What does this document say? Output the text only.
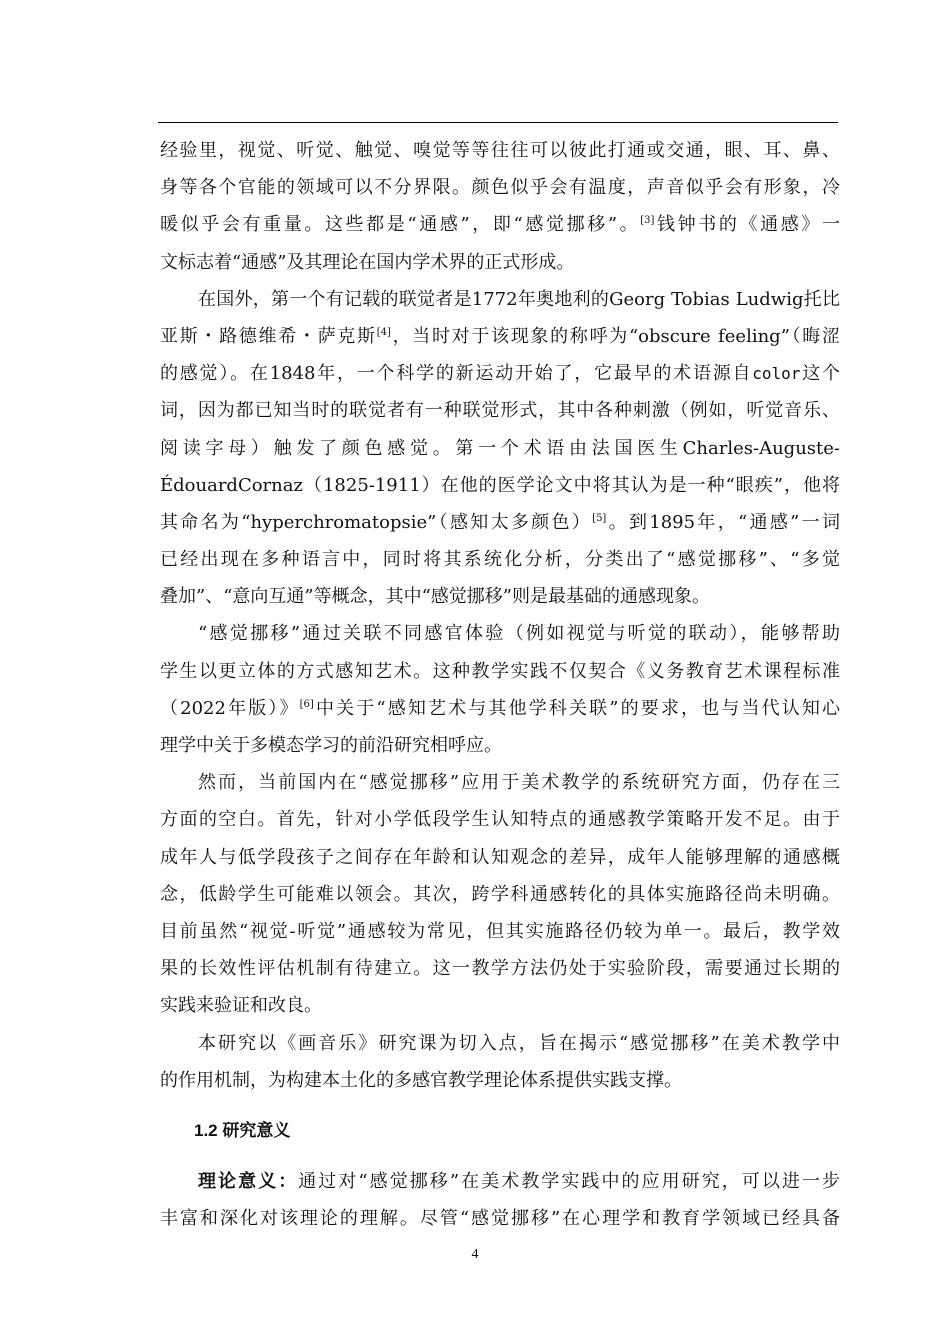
经验里，视觉、听觉、触觉、嗅觉等等往往可以彼此打通或交通，眼、耳、鼻、
身等各个官能的领域可以不分界限。颜色似乎会有温度，声音似乎会有形象，冷
暖似乎会有重量。这些都是“通感”，即“感觉挪移”。[3]钱钟书的《通感》一
文标志着“通感”及其理论在国内学术界的正式形成。
在国外，第一个有记载的联觉者是1772年奥地利的Georg Tobias Ludwig托比
亚斯・路德维希・萨克斯[4]，当时对于该现象的称呼为“obscure feeling”（晦涩
的感觉）。在1848年，一个科学的新运动开始了，它最早的术语源自color这个
词，因为都已知当时的联觉者有一种联觉形式，其中各种刺激（例如，听觉音乐、
阅读字母）触发了颜色感觉。第一个术语由法国医生Charles-Auguste-
ÉdouardCornaz（1825-1911）在他的医学论文中将其认为是一种“眼疾”，他将
其命名为“hyperchromatopsie”（感知太多颜色）[5]。到1895年，“通感”一词
已经出现在多种语言中，同时将其系统化分析，分类出了“感觉挪移”、“多觉
叠加”、“意向互通”等概念，其中“感觉挪移”则是最基础的通感现象。
“感觉挪移”通过关联不同感官体验（例如视觉与听觉的联动），能够帮助
学生以更立体的方式感知艺术。这种教学实践不仅契合《义务教育艺术课程标准
（2022年版）》[6]中关于“感知艺术与其他学科关联”的要求，也与当代认知心
理学中关于多模态学习的前沿研究相呼应。
然而，当前国内在“感觉挪移”应用于美术教学的系统研究方面，仍存在三
方面的空白。首先，针对小学低段学生认知特点的通感教学策略开发不足。由于
成年人与低学段孩子之间存在年龄和认知观念的差异，成年人能够理解的通感概
念，低龄学生可能难以领会。其次，跨学科通感转化的具体实施路径尚未明确。
目前虽然“视觉-听觉”通感较为常见，但其实施路径仍较为单一。最后，教学效
果的长效性评估机制有待建立。这一教学方法仍处于实验阶段，需要通过长期的
实践来验证和改良。
本研究以《画音乐》研究课为切入点，旨在揭示“感觉挪移”在美术教学中
的作用机制，为构建本土化的多感官教学理论体系提供实践支撑。
1.2 研究意义
理论意义：通过对“感觉挪移”在美术教学实践中的应用研究，可以进一步
丰富和深化对该理论的理解。尽管“感觉挪移”在心理学和教育学领域已经具备
4
